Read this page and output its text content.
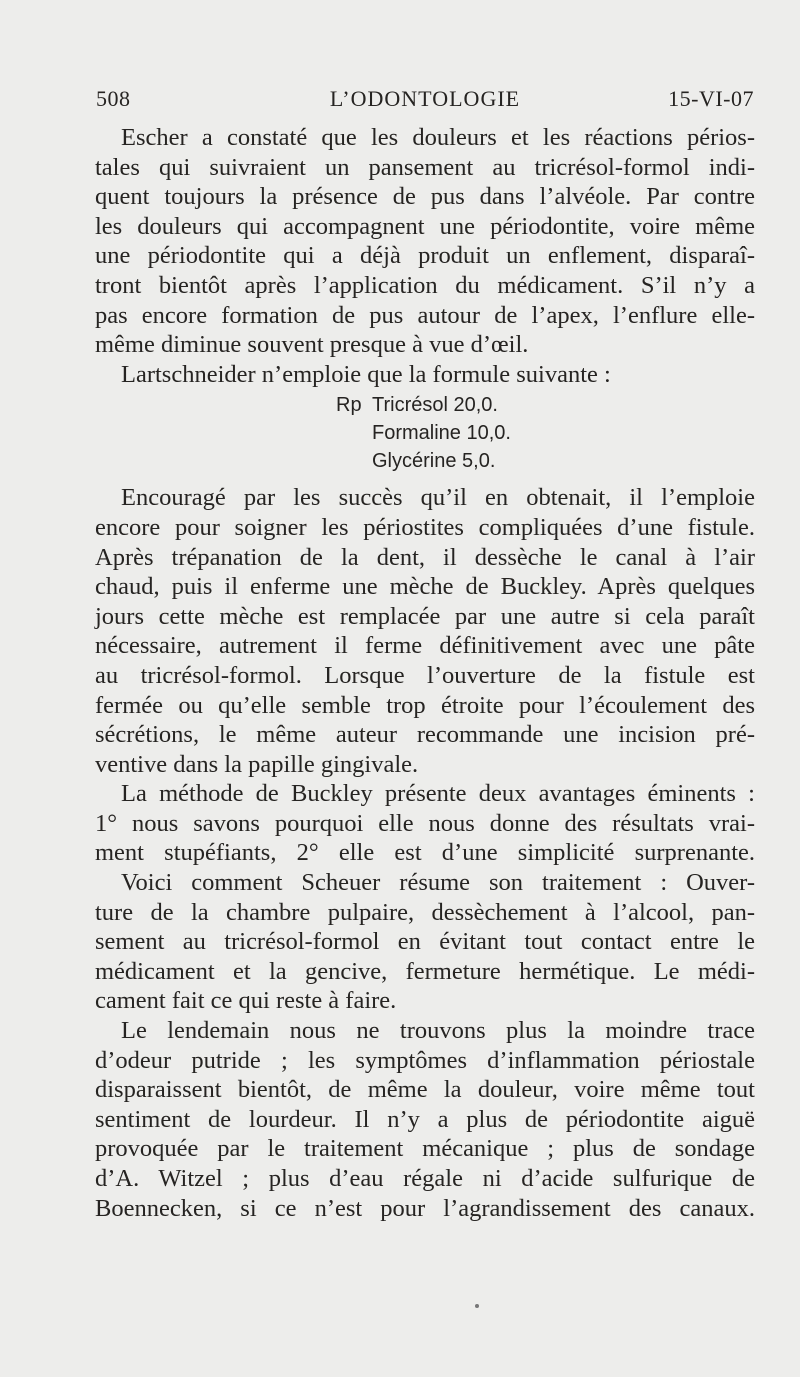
508	L’ODONTOLOGIE	15-VI-07
Escher a constaté que les douleurs et les réactions périos-
tales qui suivraient un pansement au tricrésol-formol indi-
quent toujours la présence de pus dans l’alvéole. Par contre
les douleurs qui accompagnent une périodontite, voire même
une périodontite qui a déjà produit un enflement, disparaî-
tront bientôt après l’application du médicament. S’il n’y a
pas encore formation de pus autour de l’apex, l’enflure elle-
même diminue souvent presque à vue d’œil.
Lartschneider n’emploie que la formule suivante :
Rp Tricrésol 20,0.
Formaline 10,0.
Glycérine 5,0.
Encouragé par les succès qu’il en obtenait, il l’emploie
encore pour soigner les périostites compliquées d’une fistule.
Après trépanation de la dent, il dessèche le canal à l’air
chaud, puis il enferme une mèche de Buckley. Après quelques
jours cette mèche est remplacée par une autre si cela paraît
nécessaire, autrement il ferme définitivement avec une pâte
au tricrésol-formol. Lorsque l’ouverture de la fistule est
fermée ou qu’elle semble trop étroite pour l’écoulement des
sécrétions, le même auteur recommande une incision pré-
ventive dans la papille gingivale.
La méthode de Buckley présente deux avantages éminents :
1° nous savons pourquoi elle nous donne des résultats vrai-
ment stupéfiants, 2° elle est d’une simplicité surprenante.
Voici comment Scheuer résume son traitement : Ouver-
ture de la chambre pulpaire, dessèchement à l’alcool, pan-
sement au tricrésol-formol en évitant tout contact entre le
médicament et la gencive, fermeture hermétique. Le médi-
cament fait ce qui reste à faire.
Le lendemain nous ne trouvons plus la moindre trace
d’odeur putride ; les symptômes d’inflammation périostale
disparaissent bientôt, de même la douleur, voire même tout
sentiment de lourdeur. Il n’y a plus de périodontite aiguë
provoquée par le traitement mécanique ; plus de sondage
d’A. Witzel ; plus d’eau régale ni d’acide sulfurique de
Boennecken, si ce n’est pour l’agrandissement des canaux.
